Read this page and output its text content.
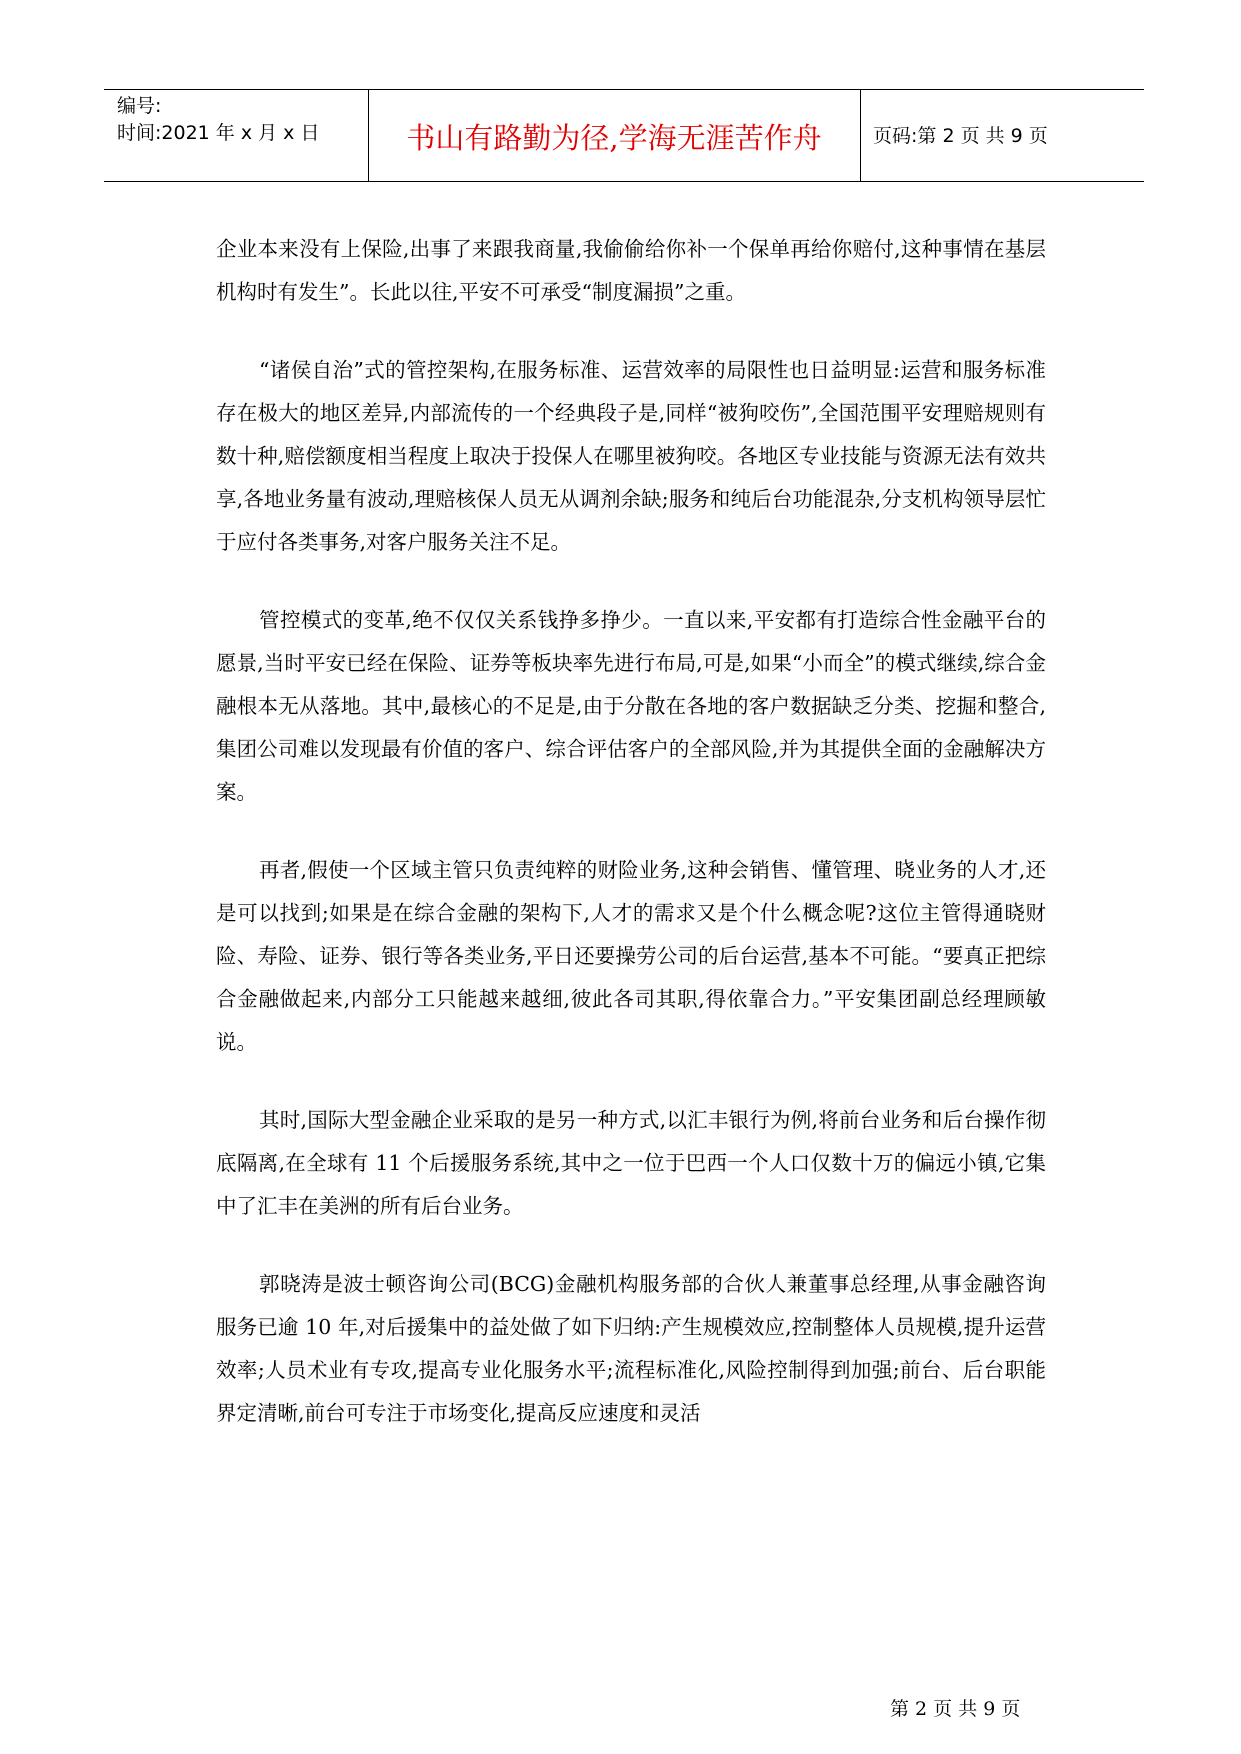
编号:
时间:2021 年 x 月 x 日	书山有路勤为径,学海无涯苦作舟	页码:第 2 页 共 9 页

企业本来没有上保险,出事了来跟我商量,我偷偷给你补一个保单再给你赔付,这种事情在基层机构时有发生”。长此以往,平安不可承受“制度漏损”之重。

“诸侯自治”式的管控架构,在服务标准、运营效率的局限性也日益明显:运营和服务标准存在极大的地区差异,内部流传的一个经典段子是,同样“被狗咬伤”,全国范围平安理赔规则有数十种,赔偿额度相当程度上取决于投保人在哪里被狗咬。各地区专业技能与资源无法有效共享,各地业务量有波动,理赔核保人员无从调剂余缺;服务和纯后台功能混杂,分支机构领导层忙于应付各类事务,对客户服务关注不足。

管控模式的变革,绝不仅仅关系钱挣多挣少。一直以来,平安都有打造综合性金融平台的愿景,当时平安已经在保险、证券等板块率先进行布局,可是,如果“小而全”的模式继续,综合金融根本无从落地。其中,最核心的不足是,由于分散在各地的客户数据缺乏分类、挖掘和整合,集团公司难以发现最有价值的客户、综合评估客户的全部风险,并为其提供全面的金融解决方案。

再者,假使一个区域主管只负责纯粹的财险业务,这种会销售、懂管理、晓业务的人才,还是可以找到;如果是在综合金融的架构下,人才的需求又是个什么概念呢?这位主管得通晓财险、寿险、证券、银行等各类业务,平日还要操劳公司的后台运营,基本不可能。“要真正把综合金融做起来,内部分工只能越来越细,彼此各司其职,得依靠合力。”平安集团副总经理顾敏说。

其时,国际大型金融企业采取的是另一种方式,以汇丰银行为例,将前台业务和后台操作彻底隔离,在全球有 11 个后援服务系统,其中之一位于巴西一个人口仅数十万的偏远小镇,它集中了汇丰在美洲的所有后台业务。

郭晓涛是波士顿咨询公司(BCG)金融机构服务部的合伙人兼董事总经理,从事金融咨询服务已逾 10 年,对后援集中的益处做了如下归纳:产生规模效应,控制整体人员规模,提升运营效率;人员术业有专攻,提高专业化服务水平;流程标准化,风险控制得到加强;前台、后台职能界定清晰,前台可专注于市场变化,提高反应速度和灵活

第 2 页 共 9 页
